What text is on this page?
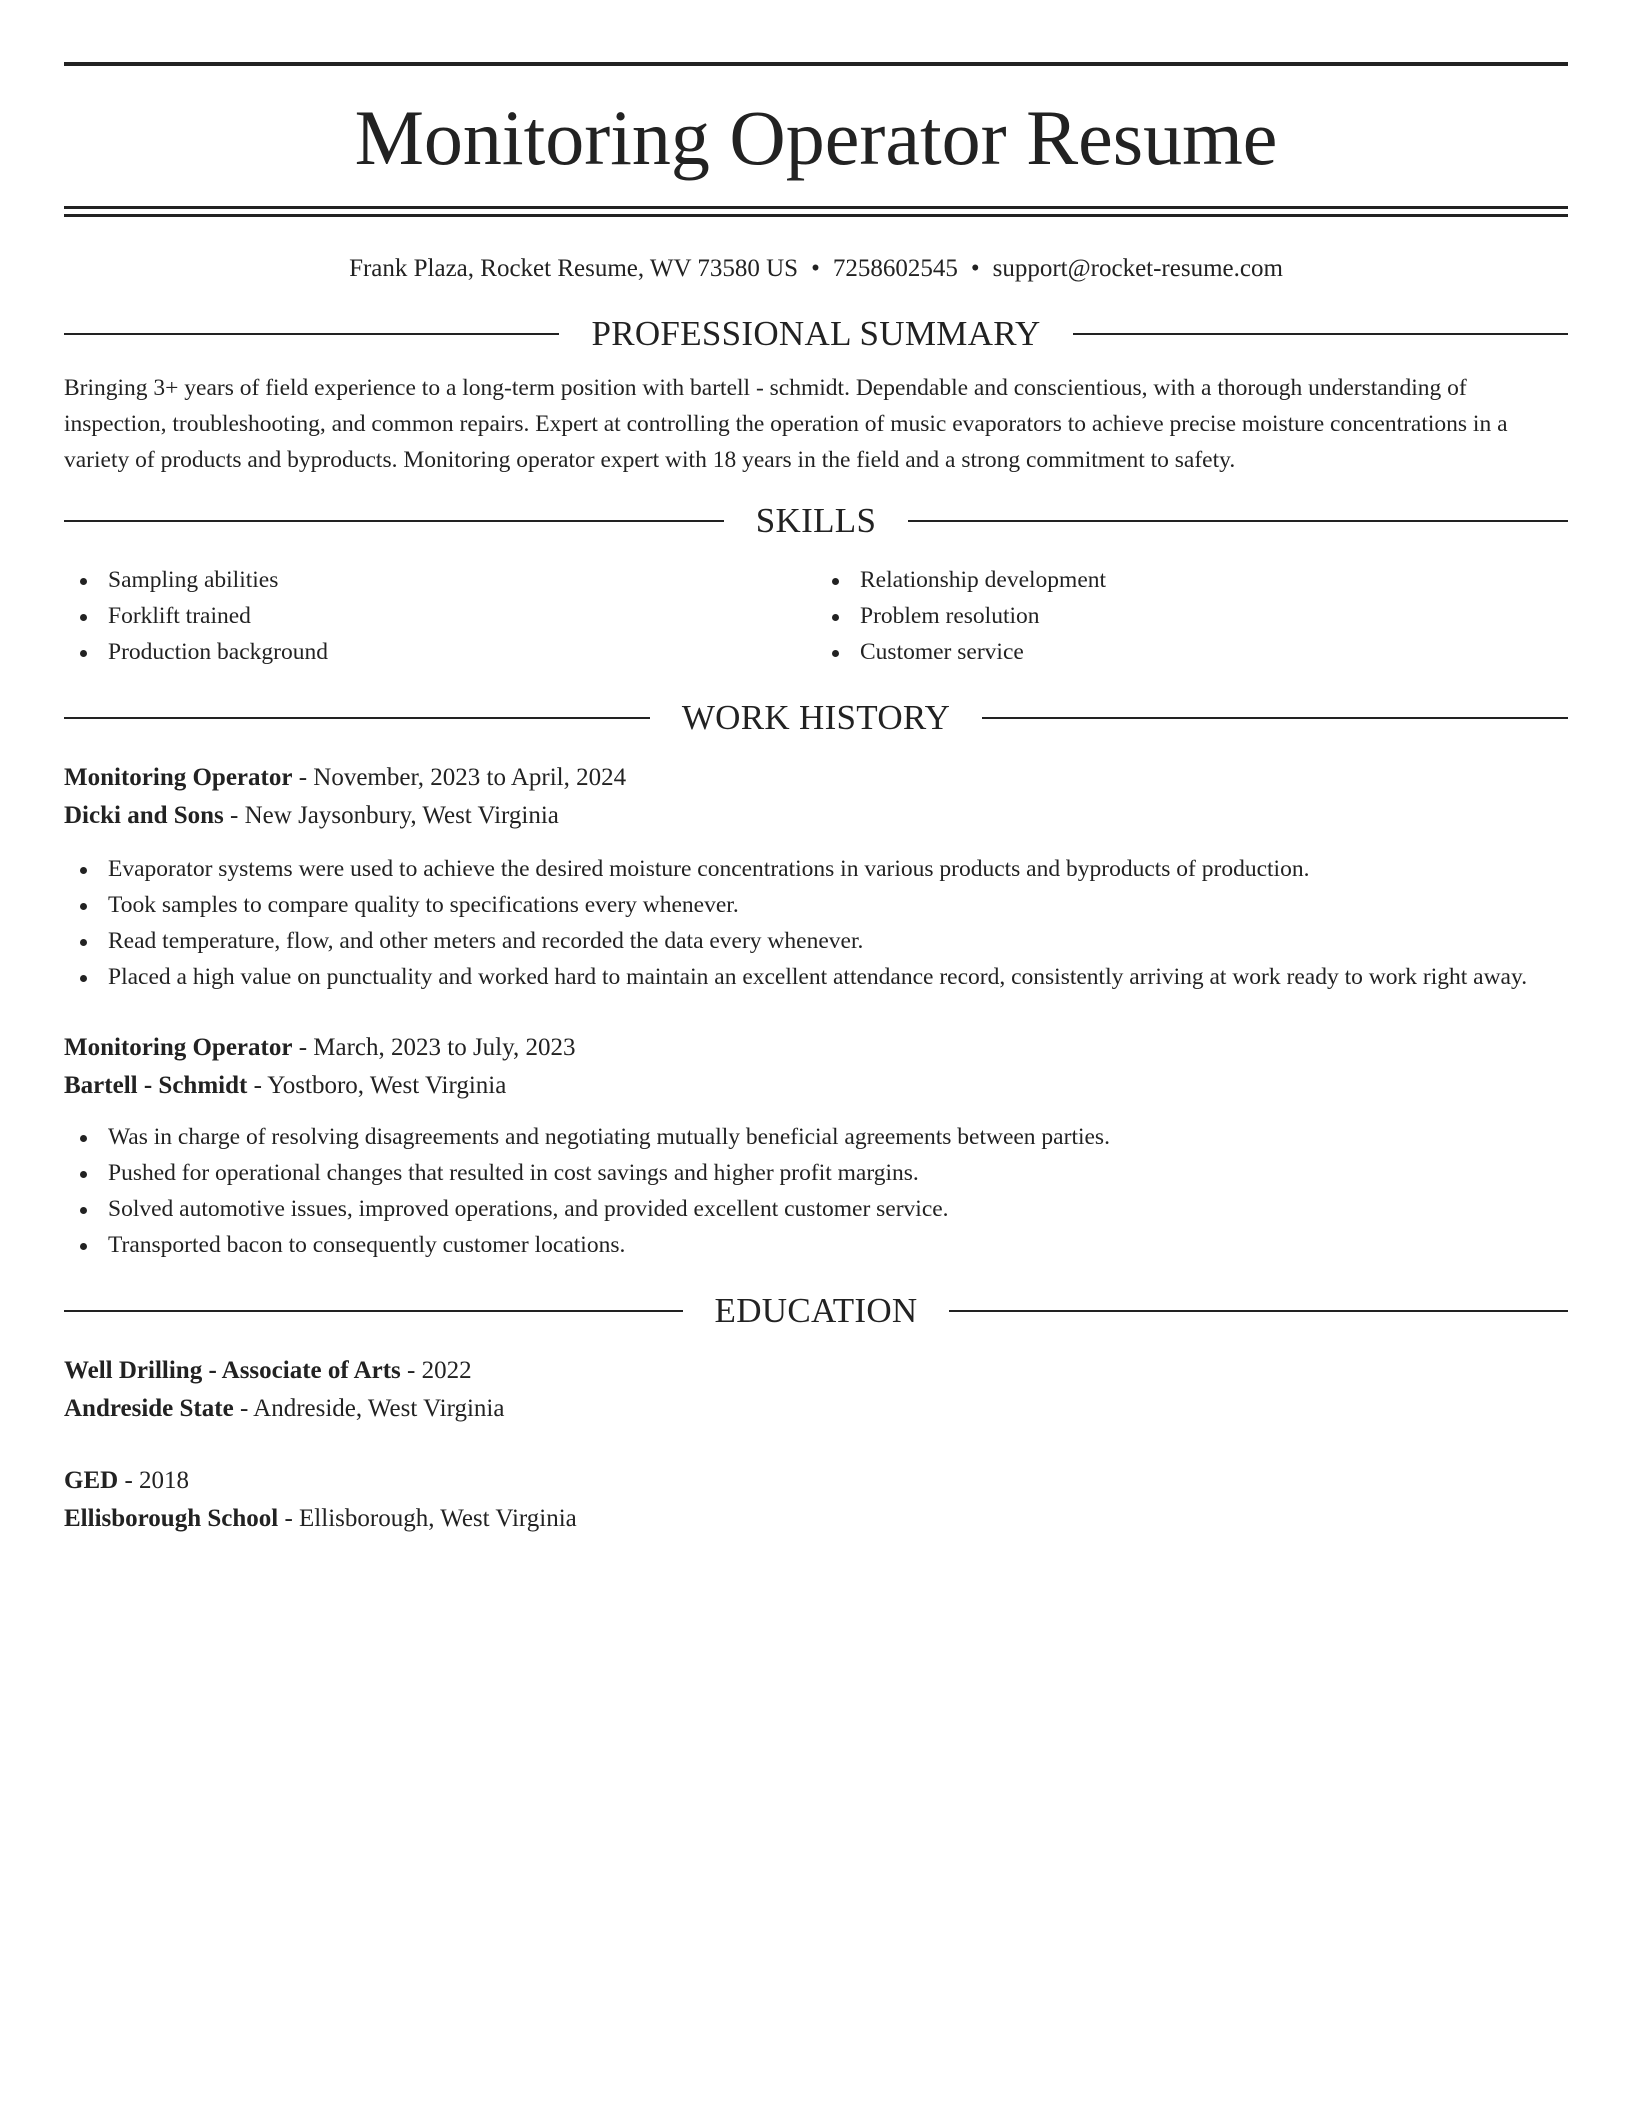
Monitoring Operator Resume
Frank Plaza, Rocket Resume, WV 73580 US • 7258602545 • support@rocket-resume.com
PROFESSIONAL SUMMARY

Bringing 3+ years of field experience to a long-term position with bartell - schmidt. Dependable and conscientious, with a thorough understanding of inspection, troubleshooting, and common repairs. Expert at controlling the operation of music evaporators to achieve precise moisture concentrations in a variety of products and byproducts. Monitoring operator expert with 18 years in the field and a strong commitment to safety.

SKILLS
Sampling abilities
Forklift trained
Production background
Relationship development
Problem resolution
Customer service
WORK HISTORY
Monitoring Operator - November, 2023 to April, 2024
Dicki and Sons - New Jaysonbury, West Virginia
Evaporator systems were used to achieve the desired moisture concentrations in various products and byproducts of production.
Took samples to compare quality to specifications every whenever.
Read temperature, flow, and other meters and recorded the data every whenever.
Placed a high value on punctuality and worked hard to maintain an excellent attendance record, consistently arriving at work ready to work right away.
Monitoring Operator - March, 2023 to July, 2023
Bartell - Schmidt - Yostboro, West Virginia
Was in charge of resolving disagreements and negotiating mutually beneficial agreements between parties.
Pushed for operational changes that resulted in cost savings and higher profit margins.
Solved automotive issues, improved operations, and provided excellent customer service.
Transported bacon to consequently customer locations.
EDUCATION
Well Drilling - Associate of Arts - 2022
Andreside State - Andreside, West Virginia
GED - 2018
Ellisborough School - Ellisborough, West Virginia
